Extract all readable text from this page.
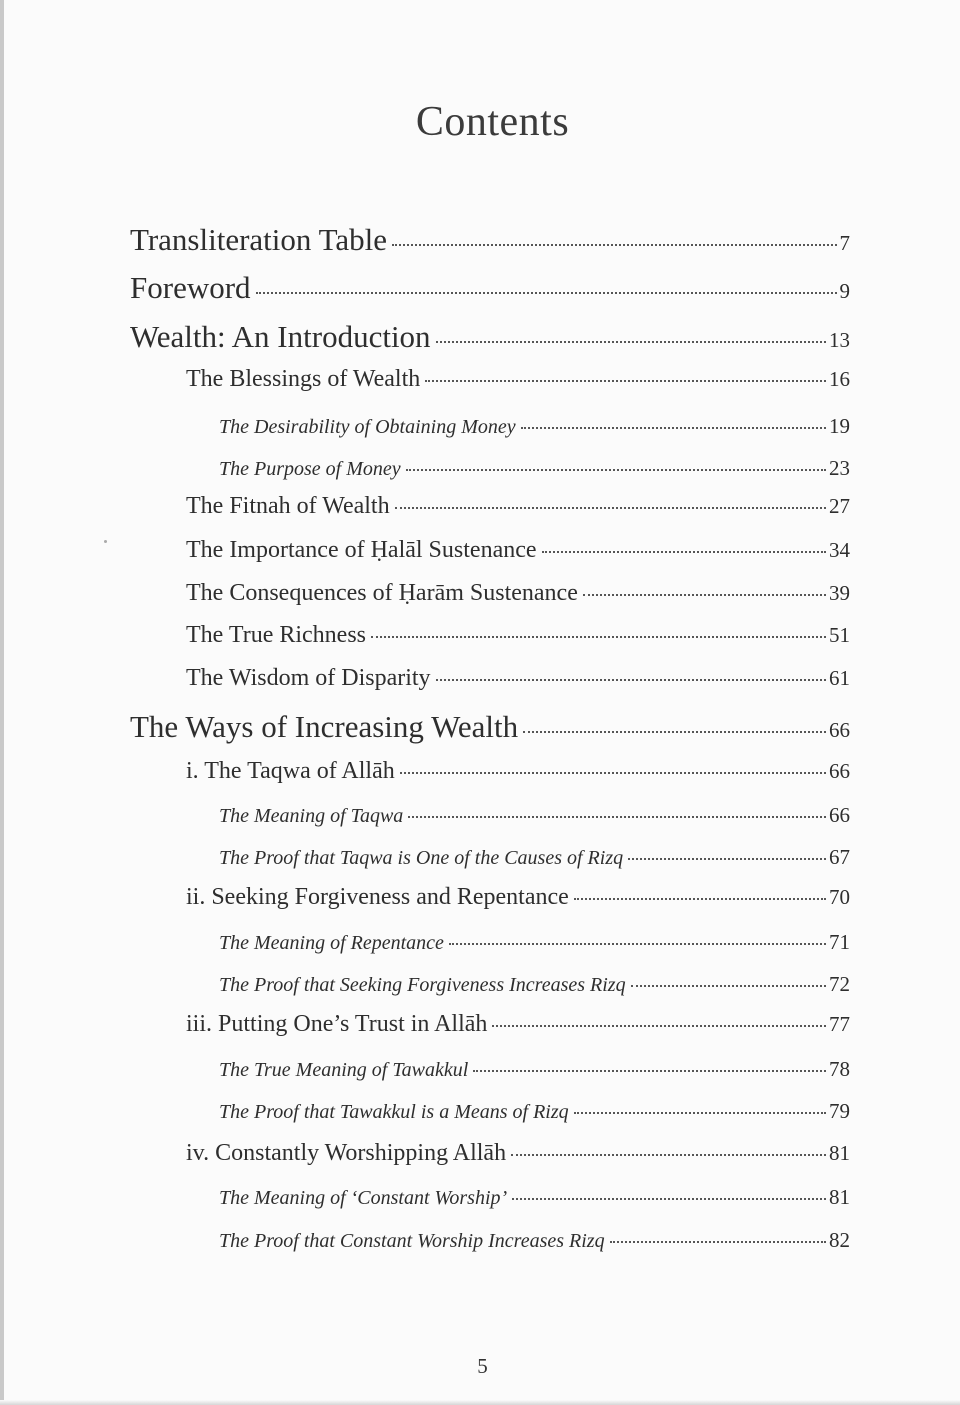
Contents
Transliteration Table	7
Foreword	9
Wealth: An Introduction	13
The Blessings of Wealth	16
The Desirability of Obtaining Money	19
The Purpose of Money	23
The Fitnah of Wealth	27
The Importance of Ḥalāl Sustenance	34
The Consequences of Ḥarām Sustenance	39
The True Richness	51
The Wisdom of Disparity	61
The Ways of Increasing Wealth	66
i. The Taqwa of Allāh	66
The Meaning of Taqwa	66
The Proof that Taqwa is One of the Causes of Rizq	67
ii. Seeking Forgiveness and Repentance	70
The Meaning of Repentance	71
The Proof that Seeking Forgiveness Increases Rizq	72
iii. Putting One’s Trust in Allāh	77
The True Meaning of Tawakkul	78
The Proof that Tawakkul is a Means of Rizq	79
iv. Constantly Worshipping Allāh	81
The Meaning of ‘Constant Worship’	81
The Proof that Constant Worship Increases Rizq	82
5
